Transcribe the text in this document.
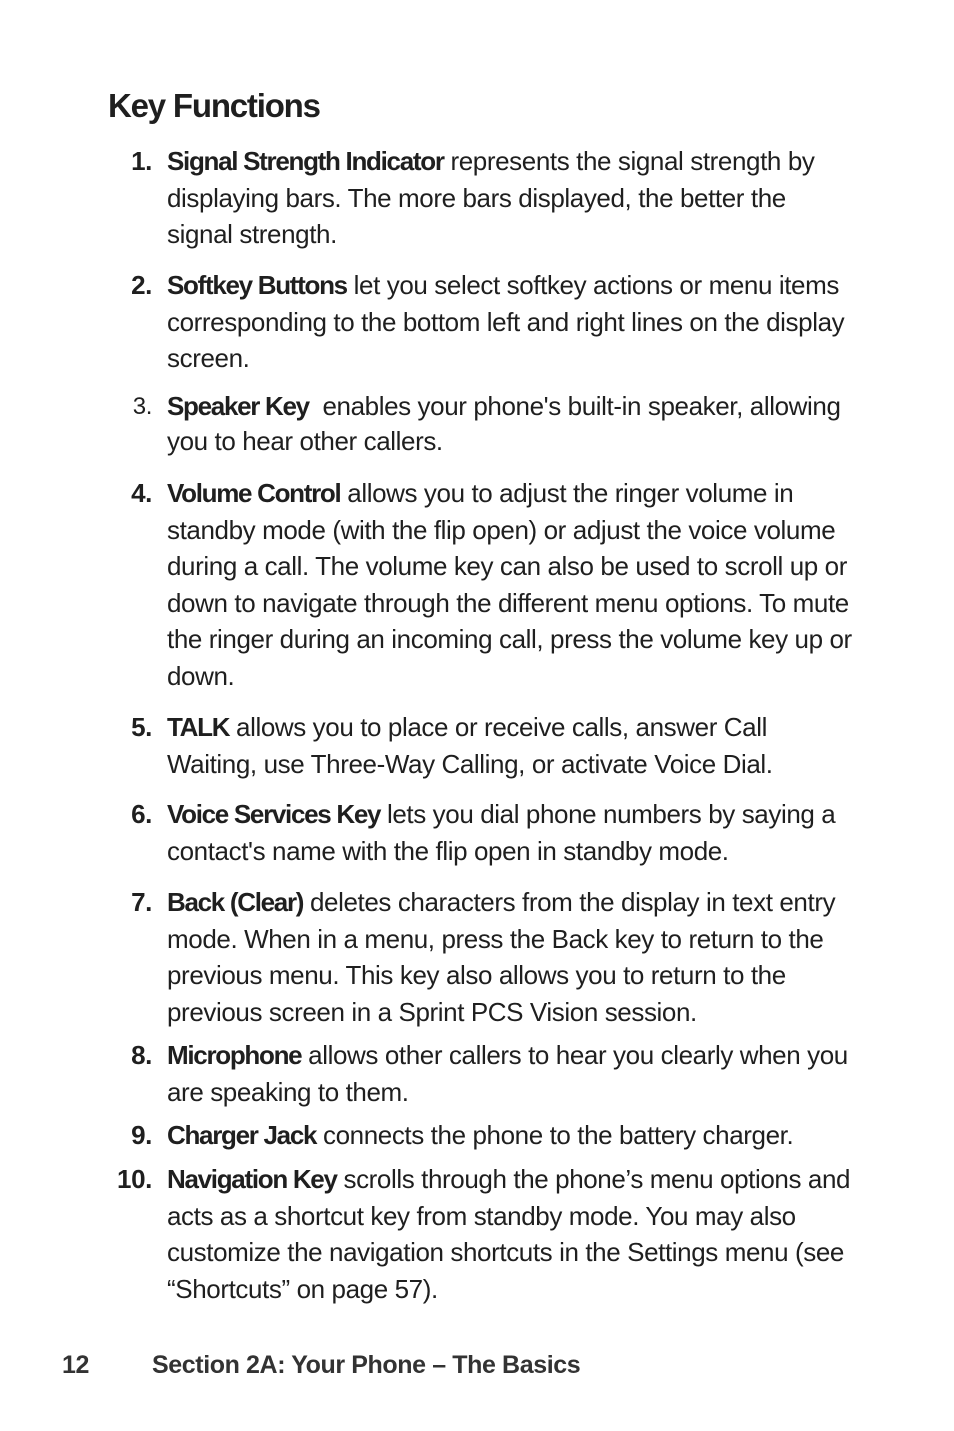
Key Functions
1. Signal Strength Indicator represents the signal strength by displaying bars. The more bars displayed, the better the signal strength.
2. Softkey Buttons let you select softkey actions or menu items corresponding to the bottom left and right lines on the display screen.
3. Speaker Key  enables your phone's built-in speaker, allowing you to hear other callers.
4. Volume Control allows you to adjust the ringer volume in standby mode (with the flip open) or adjust the voice volume during a call. The volume key can also be used to scroll up or down to navigate through the different menu options. To mute the ringer during an incoming call, press the volume key up or down.
5. TALK allows you to place or receive calls, answer Call Waiting, use Three-Way Calling, or activate Voice Dial.
6. Voice Services Key lets you dial phone numbers by saying a contact's name with the flip open in standby mode.
7. Back (Clear) deletes characters from the display in text entry mode. When in a menu, press the Back key to return to the previous menu. This key also allows you to return to the previous screen in a Sprint PCS Vision session.
8. Microphone allows other callers to hear you clearly when you are speaking to them.
9. Charger Jack connects the phone to the battery charger.
10. Navigation Key scrolls through the phone’s menu options and acts as a shortcut key from standby mode. You may also customize the navigation shortcuts in the Settings menu (see “Shortcuts” on page 57).
12	Section 2A: Your Phone – The Basics
